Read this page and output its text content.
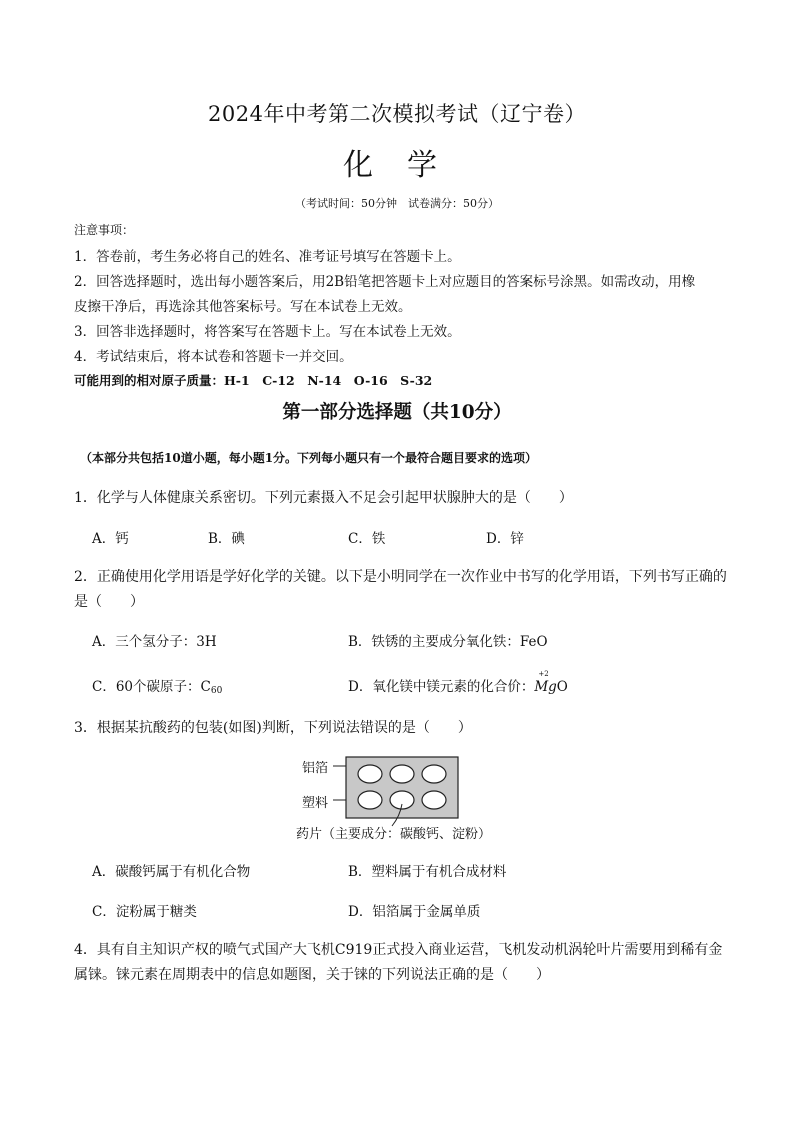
2024年中考第二次模拟考试（辽宁卷）
化学
（考试时间：50分钟　试卷满分：50分）
注意事项：
1．答卷前，考生务必将自己的姓名、准考证号填写在答题卡上。
2．回答选择题时，选出每小题答案后，用2B铅笔把答题卡上对应题目的答案标号涂黑。如需改动，用橡
皮擦干净后，再选涂其他答案标号。写在本试卷上无效。
3．回答非选择题时，将答案写在答题卡上。写在本试卷上无效。
4．考试结束后，将本试卷和答题卡一并交回。
可能用到的相对原子质量：H-1　C-12　N-14　O-16　S-32
第一部分选择题（共10分）
（本部分共包括10道小题，每小题1分。下列每小题只有一个最符合题目要求的选项）
1．化学与人体健康关系密切。下列元素摄入不足会引起甲状腺肿大的是（　　）
A．钙	B．碘	C．铁	D．锌
2．正确使用化学用语是学好化学的关键。以下是小明同学在一次作业中书写的化学用语，下列书写正确的
是（　　）
A．三个氢分子：3H	B．铁锈的主要成分氧化铁：FeO
C．60个碳原子：$C_{60}$	D．氧化镁中镁元素的化合价：
+2
MgO
3．根据某抗酸药的包装(如图)判断，下列说法错误的是（　　）
铝箔
塑料
药片（主要成分：碳酸钙、淀粉）
A．碳酸钙属于有机化合物	B．塑料属于有机合成材料
C．淀粉属于糖类	D．铝箔属于金属单质
4．具有自主知识产权的喷气式国产大飞机C919正式投入商业运营，飞机发动机涡轮叶片需要用到稀有金
属铼。铼元素在周期表中的信息如题图，关于铼的下列说法正确的是（　　）
